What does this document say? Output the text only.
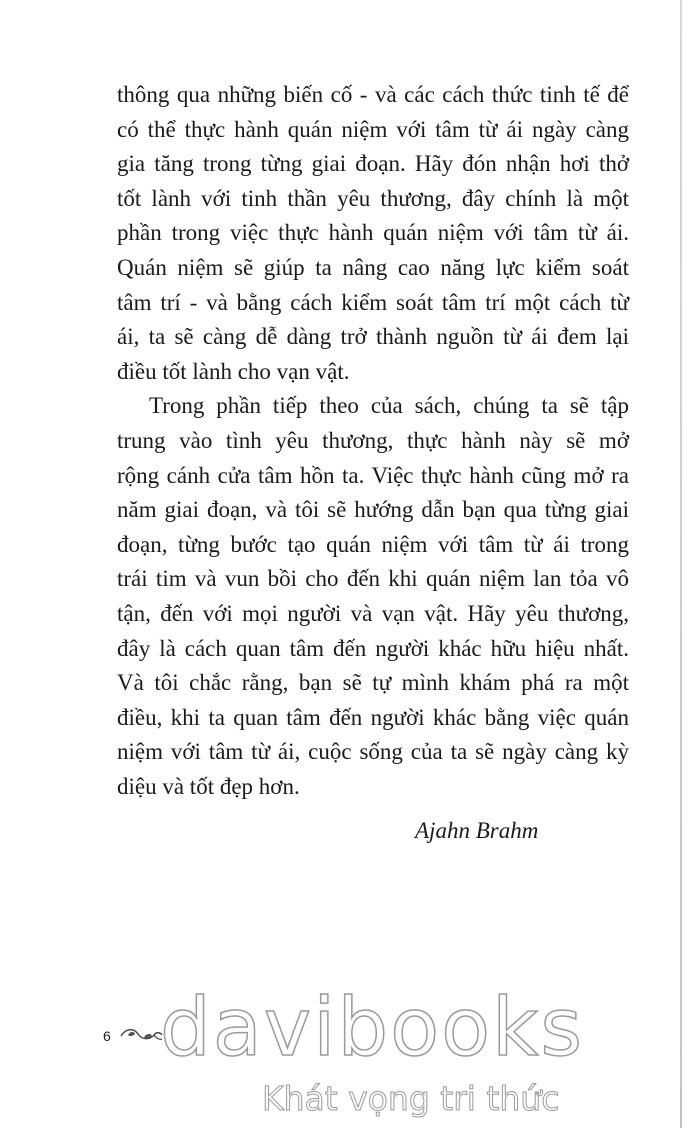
thông qua những biến cố - và các cách thức tinh tế để
có thể thực hành quán niệm với tâm từ ái ngày càng
gia tăng trong từng giai đoạn. Hãy đón nhận hơi thở
tốt lành với tinh thần yêu thương, đây chính là một
phần trong việc thực hành quán niệm với tâm từ ái.
Quán niệm sẽ giúp ta nâng cao năng lực kiểm soát
tâm trí - và bằng cách kiểm soát tâm trí một cách từ
ái, ta sẽ càng dễ dàng trở thành nguồn từ ái đem lại
điều tốt lành cho vạn vật.
Trong phần tiếp theo của sách, chúng ta sẽ tập
trung vào tình yêu thương, thực hành này sẽ mở
rộng cánh cửa tâm hồn ta. Việc thực hành cũng mở ra
năm giai đoạn, và tôi sẽ hướng dẫn bạn qua từng giai
đoạn, từng bước tạo quán niệm với tâm từ ái trong
trái tim và vun bồi cho đến khi quán niệm lan tỏa vô
tận, đến với mọi người và vạn vật. Hãy yêu thương,
đây là cách quan tâm đến người khác hữu hiệu nhất.
Và tôi chắc rằng, bạn sẽ tự mình khám phá ra một
điều, khi ta quan tâm đến người khác bằng việc quán
niệm với tâm từ ái, cuộc sống của ta sẽ ngày càng kỳ
diệu và tốt đẹp hơn.
Ajahn Brahm
6 davibooks
Khát vọng tri thức
